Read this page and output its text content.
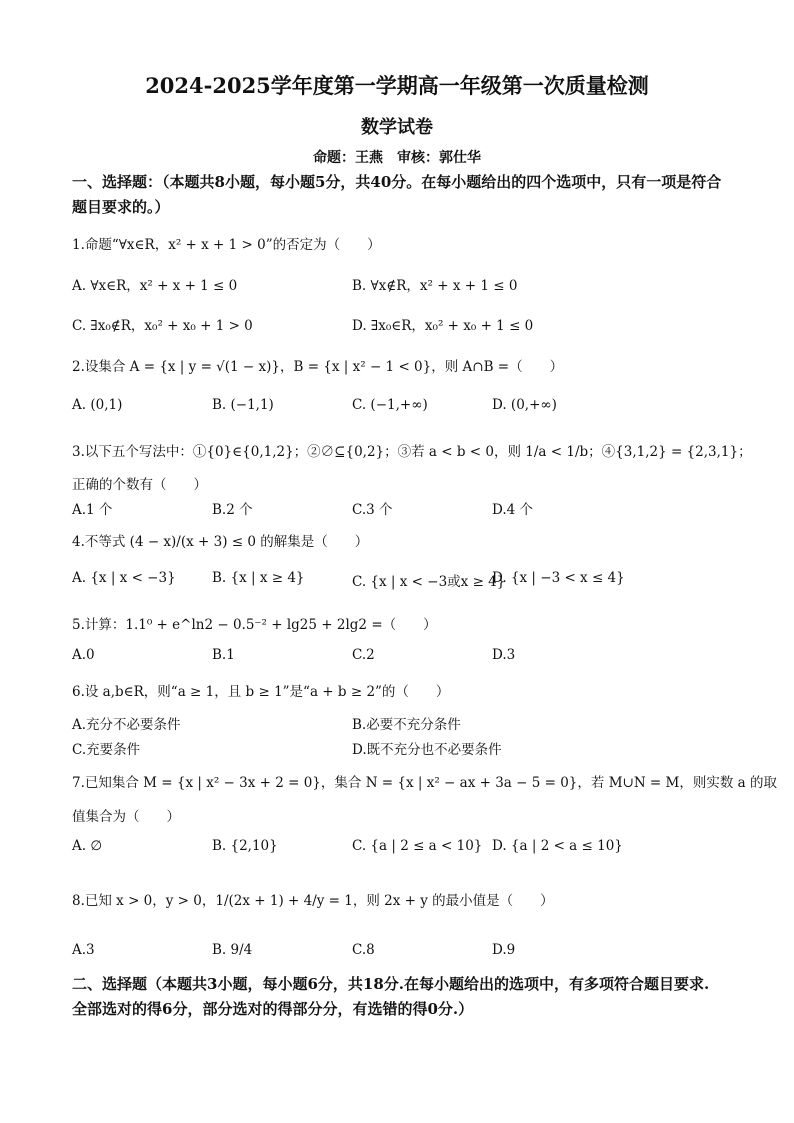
2024-2025学年度第一学期高一年级第一次质量检测
数学试卷
命题：王燕　审核：郭仕华
一、选择题：（本题共8小题，每小题5分，共40分。在每小题给出的四个选项中，只有一项是符合题目要求的。）
1.命题“∀x∈R，x² + x + 1 > 0”的否定为（　　）
A. ∀x∈R，x² + x + 1 ≤ 0	B. ∀x∉R，x² + x + 1 ≤ 0
C. ∃x₀∉R，x₀² + x₀ + 1 > 0	D. ∃x₀∈R，x₀² + x₀ + 1 ≤ 0
2.设集合 A = {x | y = √(1 − x)}，B = {x | x² − 1 < 0}，则 A∩B =（　　）
A. (0,1)	B. (−1,1)	C. (−1,+∞)	D. (0,+∞)
3.以下五个写法中：①{0}∈{0,1,2}；②∅⊆{0,2}；③若 a < b < 0，则 1/a < 1/b；④{3,1,2} = {2,3,1}；
正确的个数有（　　）
A.1 个	B.2 个	C.3 个	D.4 个
4.不等式 (4 − x)/(x + 3) ≤ 0 的解集是（　　）
A. {x | x < −3}	B. {x | x ≥ 4}	C. {x | x < −3或x ≥ 4}
D. {x | −3 < x ≤ 4}
5.计算：1.1⁰ + e^ln2 − 0.5⁻² + lg25 + 2lg2 =（　　）
A.0	B.1	C.2	D.3
6.设 a,b∈R，则“a ≥ 1，且 b ≥ 1”是“a + b ≥ 2”的（　　）
A.充分不必要条件	B.必要不充分条件
C.充要条件	D.既不充分也不必要条件
7.已知集合 M = {x | x² − 3x + 2 = 0}，集合 N = {x | x² − ax + 3a − 5 = 0}，若 M∪N = M，则实数 a 的取
值集合为（　　）
A. ∅	B. {2,10}	C. {a | 2 ≤ a < 10} D. {a | 2 < a ≤ 10}
8.已知 x > 0，y > 0，1/(2x + 1) + 4/y = 1，则 2x + y 的最小值是（　　）
A.3	B. 9/4	C.8	D.9
二、选择题（本题共3小题，每小题6分，共18分.在每小题给出的选项中，有多项符合题目要求.全部选对的得6分，部分选对的得部分分，有选错的得0分.）
